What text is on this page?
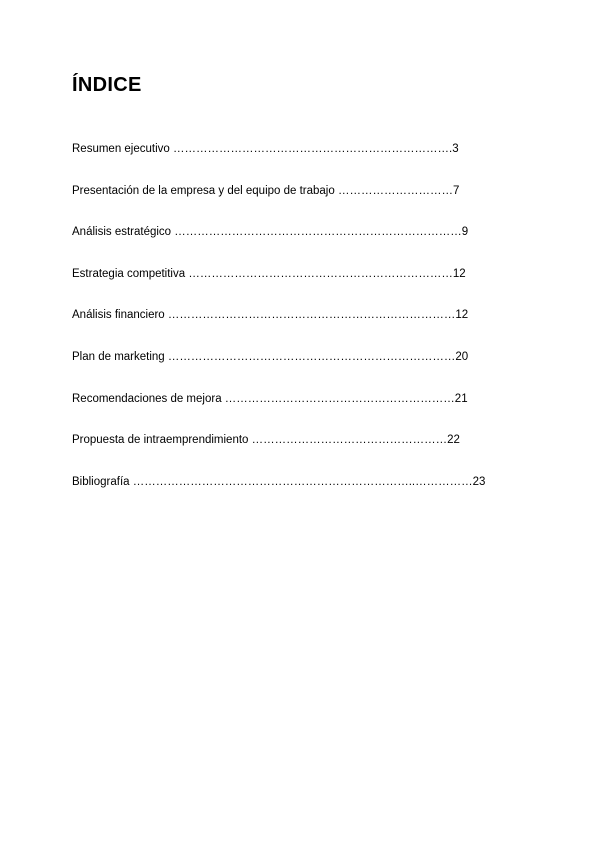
ÍNDICE
Resumen ejecutivo ……………………………………………………………….3
Presentación de la empresa y del equipo de trabajo …………………………7
Análisis estratégico …………………………………………………………………9
Estrategia competitiva ……………………………………………………………12
Análisis financiero …………………………………………………………………12
Plan de marketing …………………………………………………………………20
Recomendaciones de mejora ……………………………………………………21
Propuesta de intraemprendimiento ……………………………………………22
Bibliografía ………………………………………………………………..……………23
